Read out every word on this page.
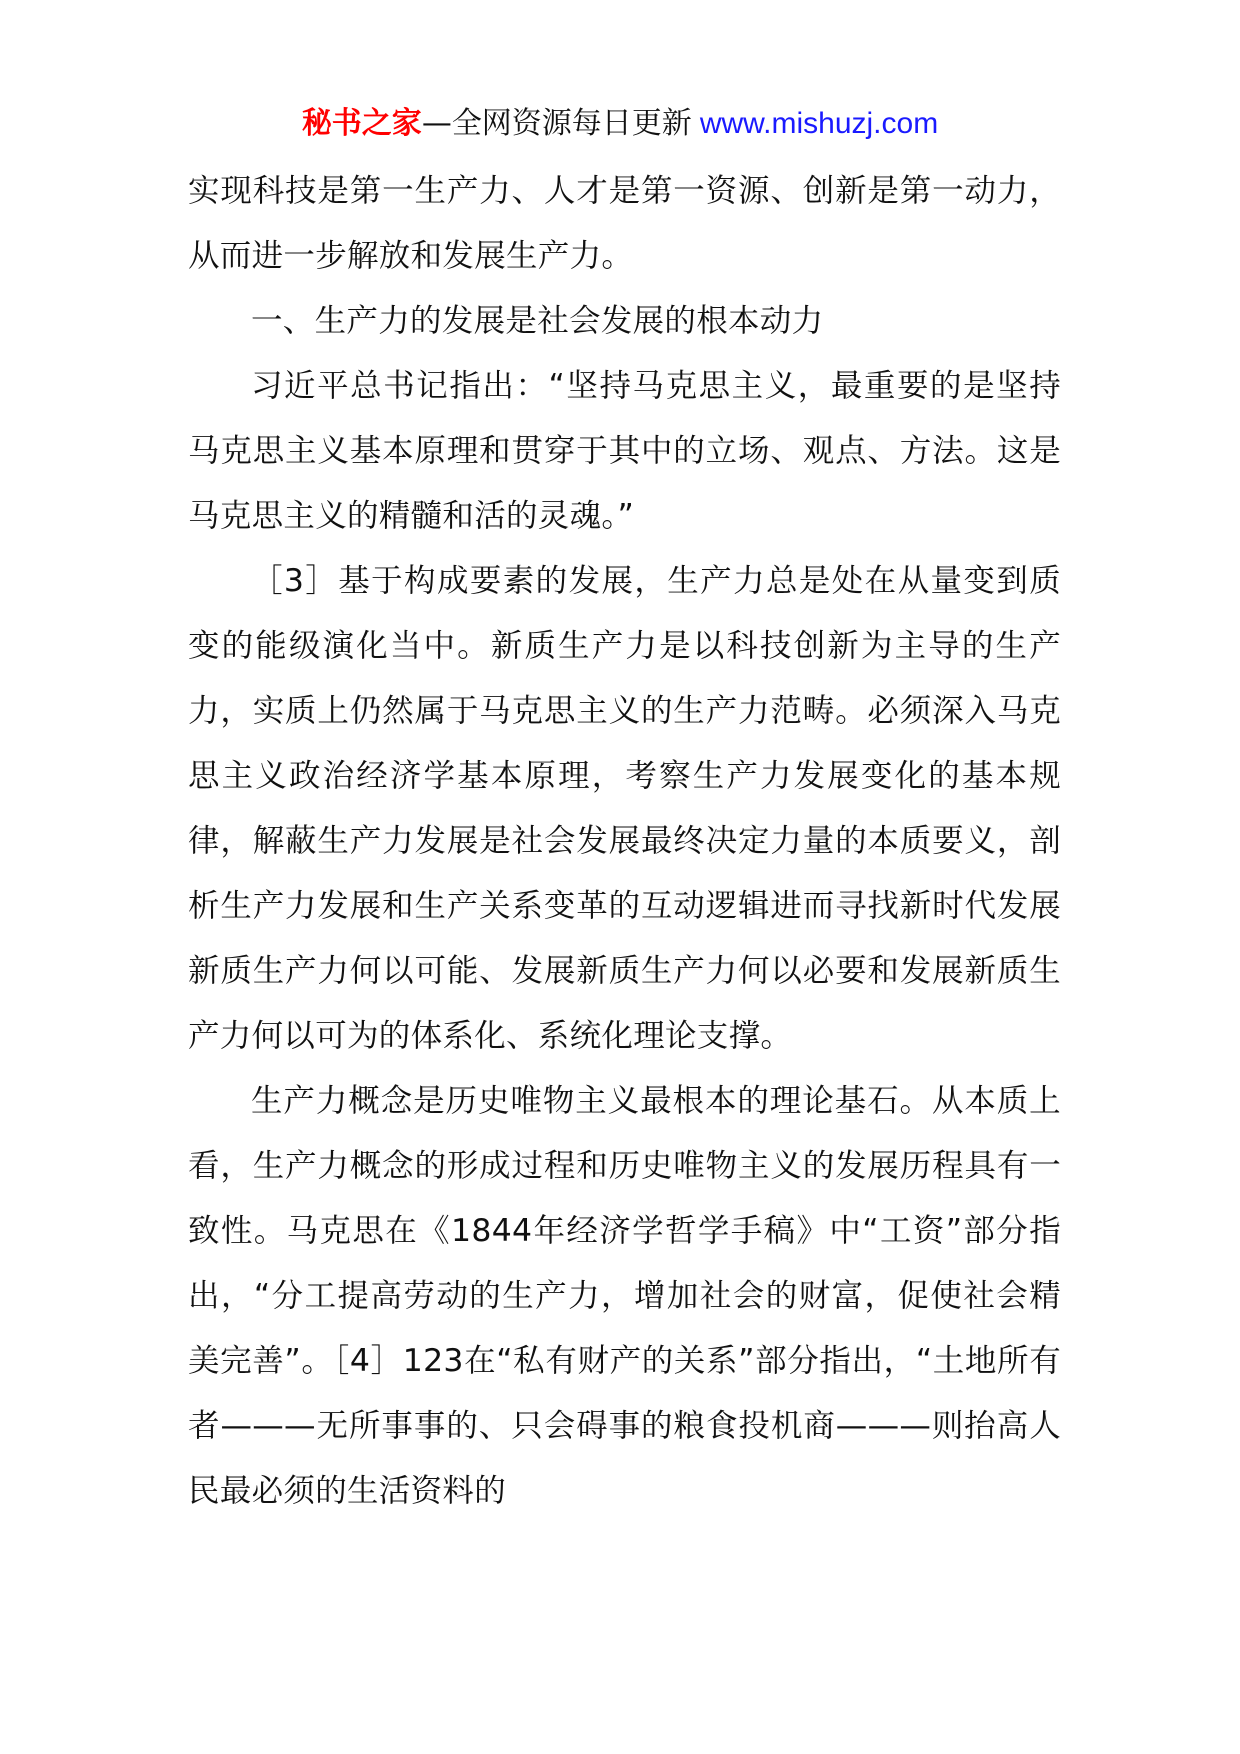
秘书之家—全网资源每日更新 www.mishuzj.com

实现科技是第一生产力、人才是第一资源、创新是第一动力，从而进一步解放和发展生产力。

一、生产力的发展是社会发展的根本动力

习近平总书记指出：“坚持马克思主义，最重要的是坚持马克思主义基本原理和贯穿于其中的立场、观点、方法。这是马克思主义的精髓和活的灵魂。”

［3］基于构成要素的发展，生产力总是处在从量变到质变的能级演化当中。新质生产力是以科技创新为主导的生产力，实质上仍然属于马克思主义的生产力范畴。必须深入马克思主义政治经济学基本原理，考察生产力发展变化的基本规律，解蔽生产力发展是社会发展最终决定力量的本质要义，剖析生产力发展和生产关系变革的互动逻辑进而寻找新时代发展新质生产力何以可能、发展新质生产力何以必要和发展新质生产力何以可为的体系化、系统化理论支撑。

生产力概念是历史唯物主义最根本的理论基石。从本质上看，生产力概念的形成过程和历史唯物主义的发展历程具有一致性。马克思在《1844年经济学哲学手稿》中“工资”部分指出，“分工提高劳动的生产力，增加社会的财富，促使社会精美完善”。［4］123在“私有财产的关系”部分指出，“土地所有者———无所事事的、只会碍事的粮食投机商———则抬高人民最必须的生活资料的
